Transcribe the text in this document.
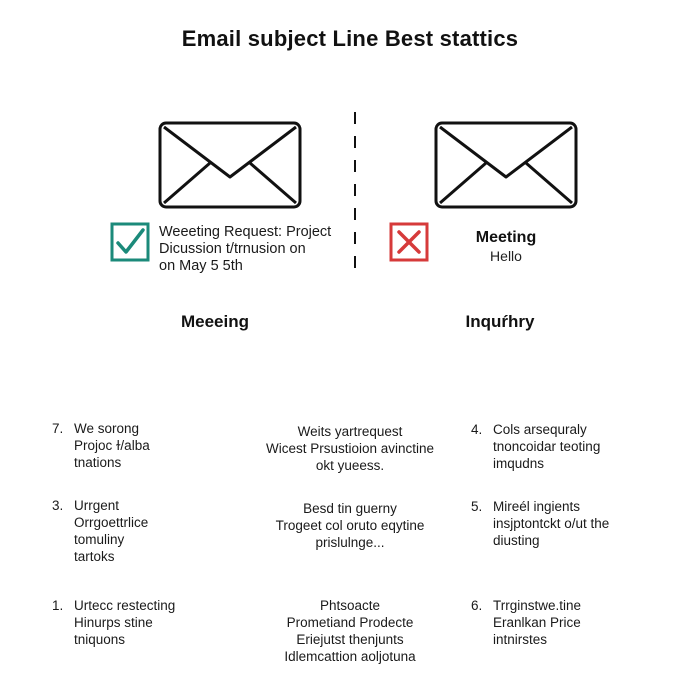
Email subject Line Best stattics
Weeeting Request: Project
Dicussion t/trnusion on
on May 5 5th
Meeting
Hello
Meeeing	Inquŕhry
7. We sorong
Projoc ɫ/alba
tnations
Weits yartrequest
Wicest Prsustioion avinctine
okt yueess.
4. Cols arsequraly
tnoncoidar teoting
imqudns
3. Urrgent
Orrgoettrlice
tomuliny
tartoks
Besd tin guerny
Trogeet col oruto eqytine
prislulnge...
5. Mireél ingients
insjptontckt o/ut the
diusting
1. Urtecc restecting
Hinurps stine
tniquons
Phtsoacte
Prometiand Prodecte
Eriejutst thenjunts
Idlemcattion aoljotuna
6. Trrginstwe.tine
Eranlkan Price
intnirstes
